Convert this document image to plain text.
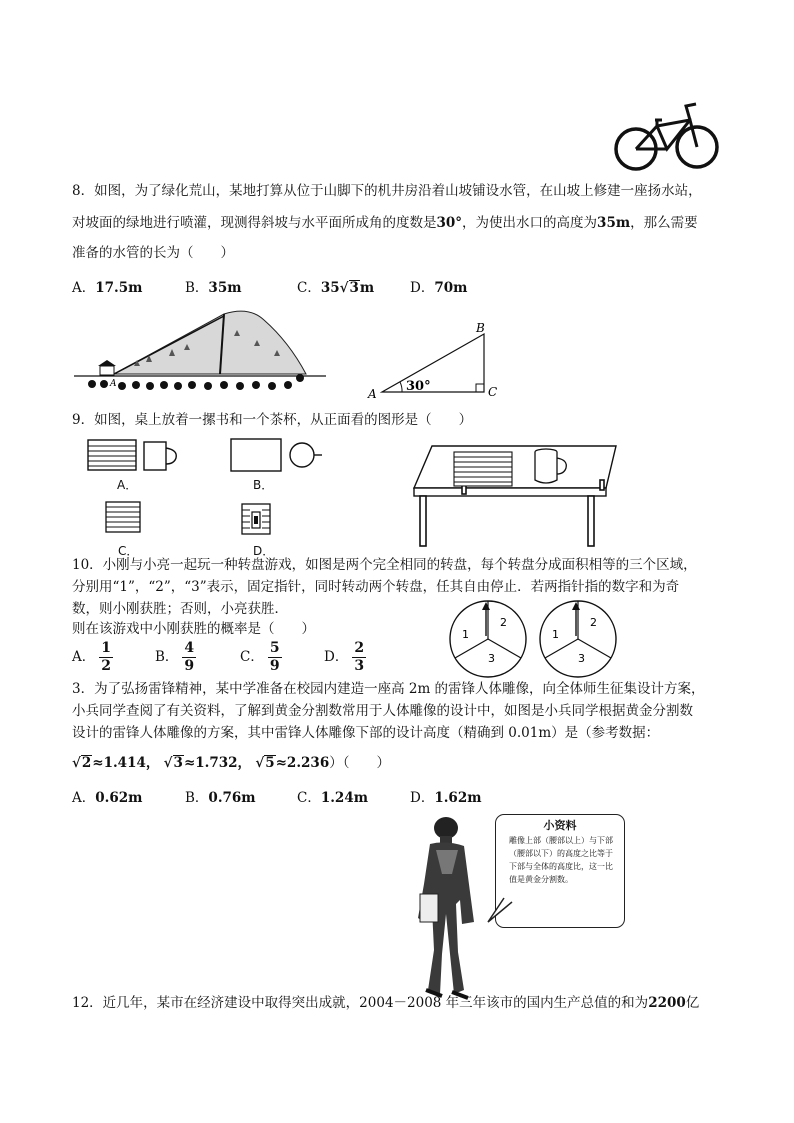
8．如图，为了绿化荒山，某地打算从位于山脚下的机井房沿着山坡铺设水管，在山坡上修建一座扬水站，
对坡面的绿地进行喷灌，现测得斜坡与水平面所成角的度数是30°，为使出水口的高度为35m，那么需要
准备的水管的长为（　　）
A．17.5m	B．35m	C．35√3m	D．70m
A
A
B
C
30°
9．如图，桌上放着一摞书和一个茶杯，从正面看的图形是（　　）
A．	B．
C．	D．
10．小刚与小亮一起玩一种转盘游戏，如图是两个完全相同的转盘，每个转盘分成面积相等的三个区域，
分别用“1”，“2”，“3”表示，固定指针，同时转动两个转盘，任其自由停止．若两指针指的数字和为奇
数，则小刚获胜；否则，小亮获胜．
则在该游戏中小刚获胜的概率是（　　）
A． $\frac{1}{2}$	B． $\frac{4}{9}$	C． $\frac{5}{9}$	D． $\frac{2}{3}$
1
2
3
1
2
3
3．为了弘扬雷锋精神，某中学准备在校园内建造一座高 2m 的雷锋人体雕像，向全体师生征集设计方案，
小兵同学查阅了有关资料，了解到黄金分割数常用于人体雕像的设计中，如图是小兵同学根据黄金分割数
设计的雷锋人体雕像的方案，其中雷锋人体雕像下部的设计高度（精确到 0.01m）是（参考数据：
√2≈1.414， √3≈1.732， √5≈2.236）（　　）
A．0.62m	B．0.76m	C．1.24m	D．1.62m
小资料
雕像上部（腰部以上）与下部（腰部以下）的高度之比等于下部与全体的高度比，这一比值是黄金分割数。
12．近几年，某市在经济建设中取得突出成就，2004－2008 年三年该市的国内生产总值的和为2200亿
